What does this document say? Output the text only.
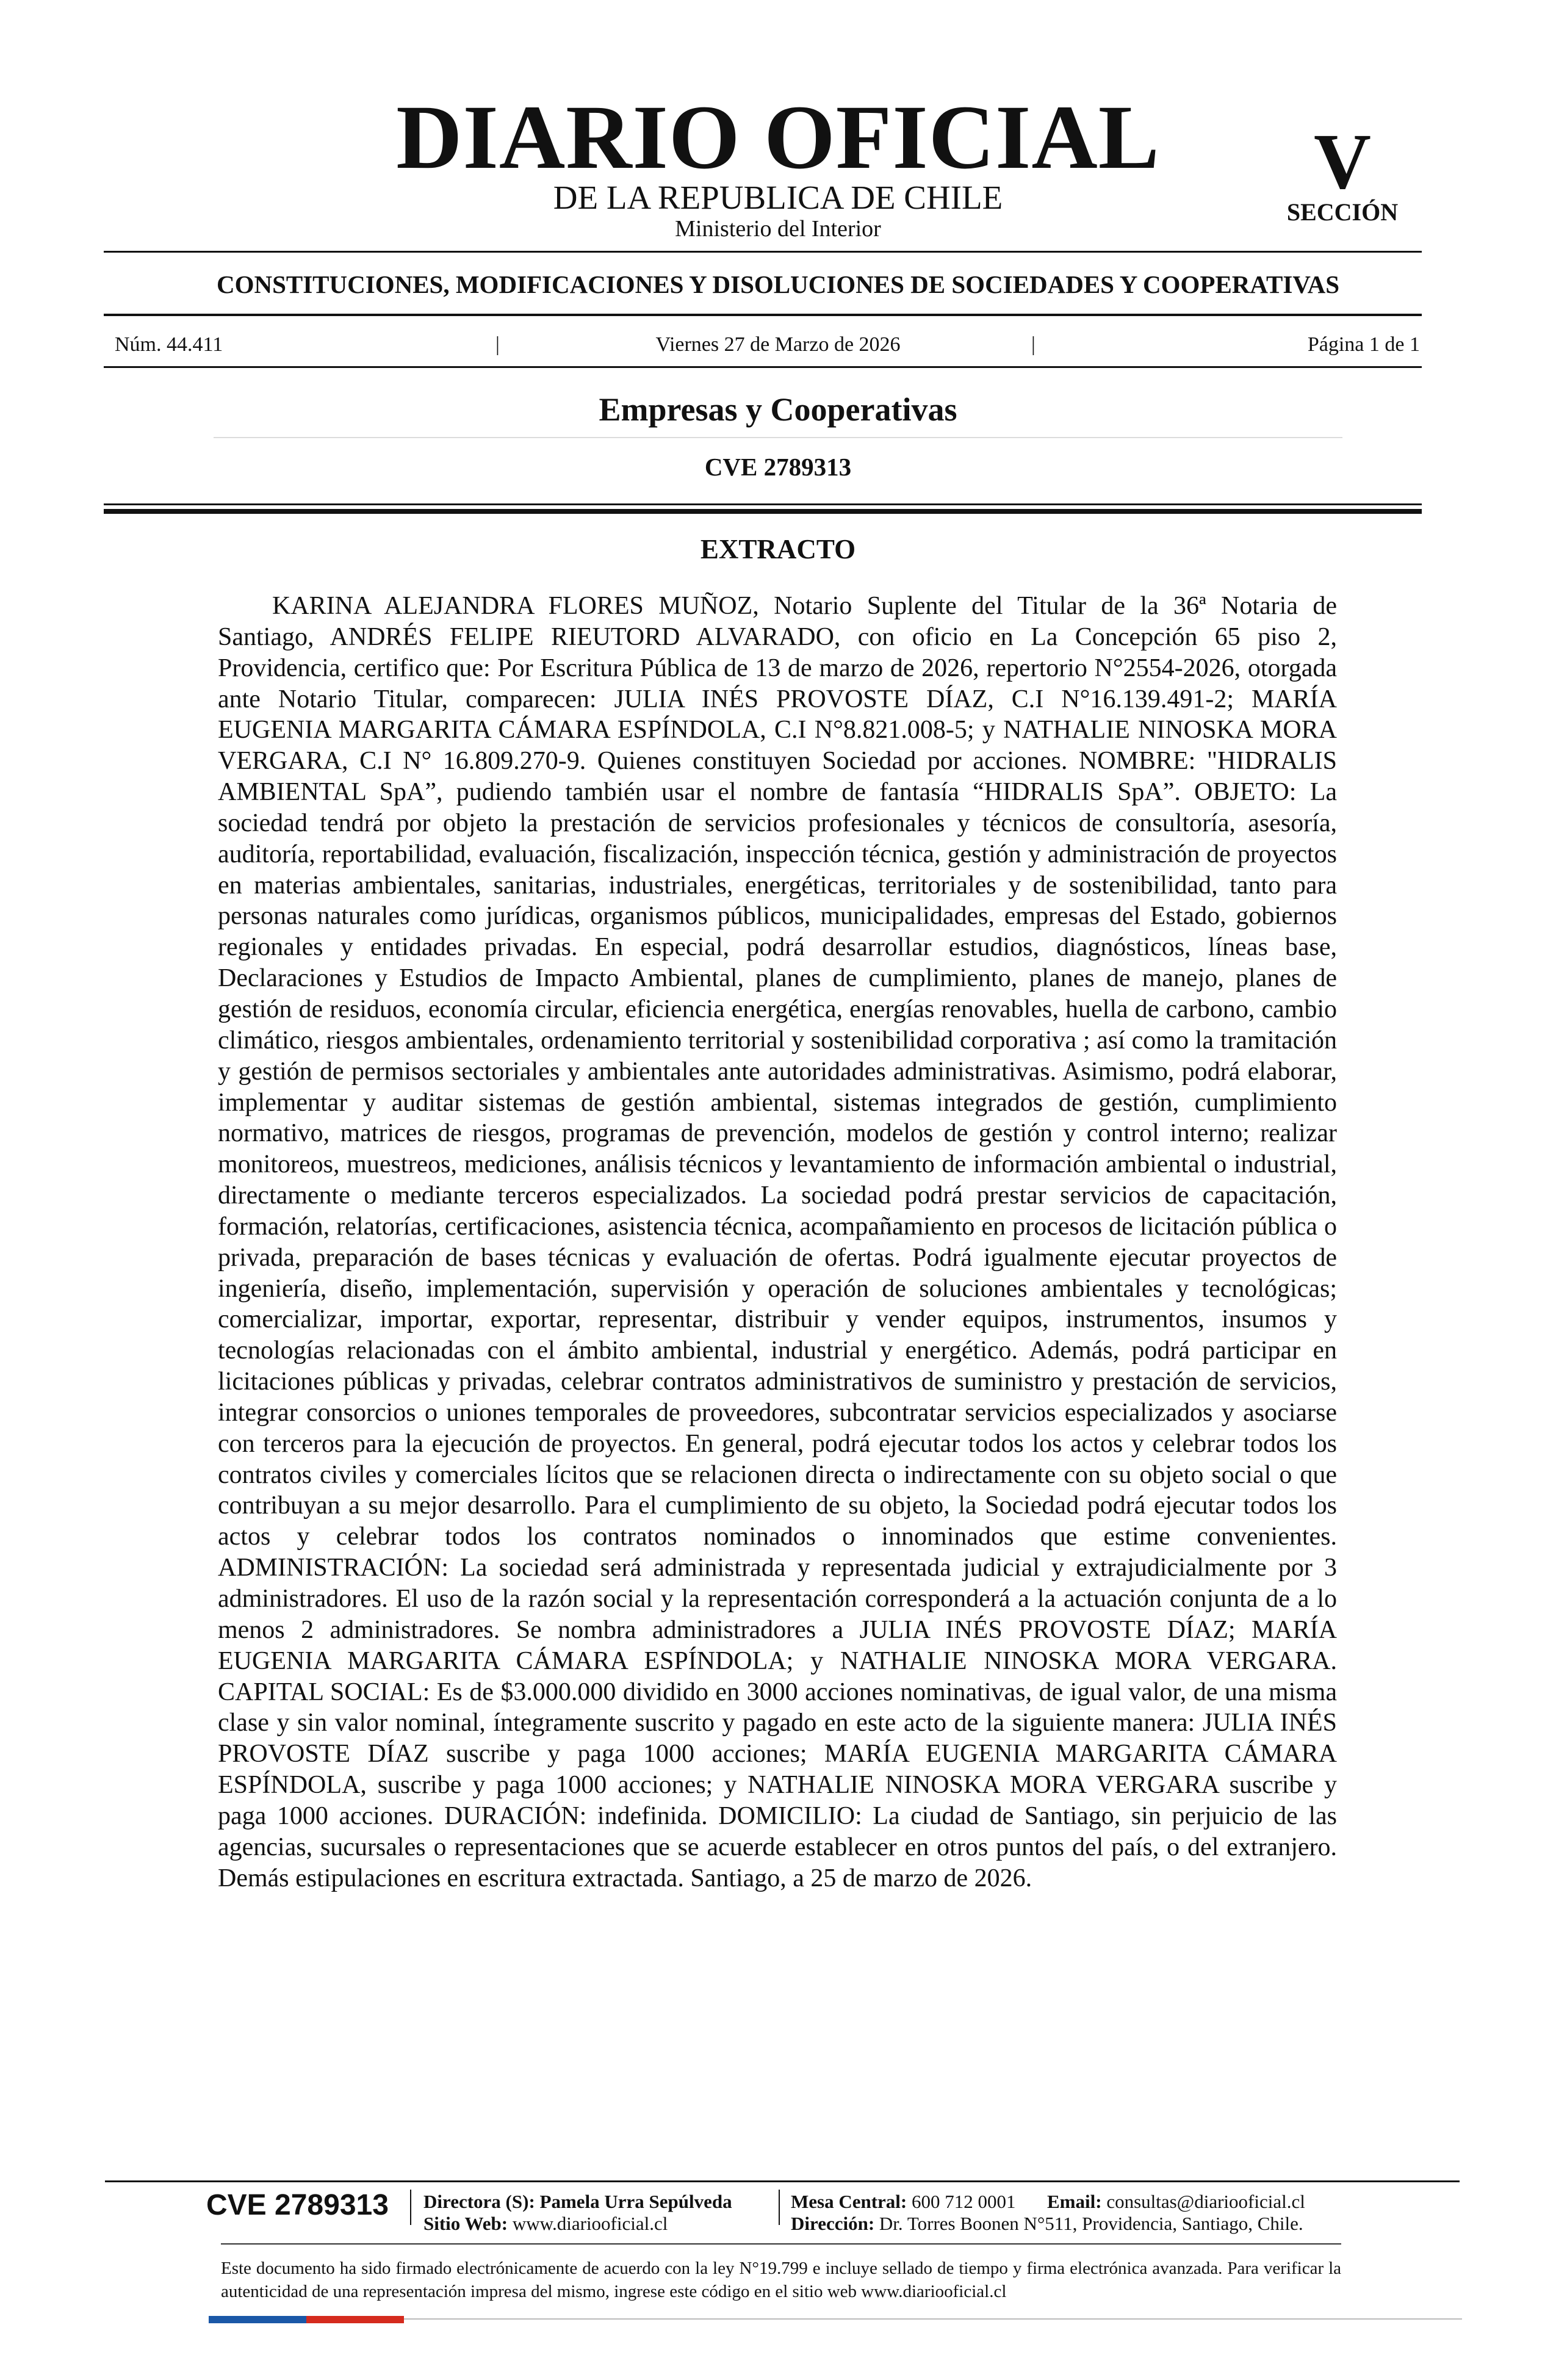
DIARIO OFICIAL
DE LA REPUBLICA DE CHILE
Ministerio del Interior
V
SECCIÓN
CONSTITUCIONES, MODIFICACIONES Y DISOLUCIONES DE SOCIEDADES Y COOPERATIVAS
Núm. 44.411	|	Viernes 27 de Marzo de 2026	|	Página 1 de 1
Empresas y Cooperativas
CVE 2789313
EXTRACTO

KARINA ALEJANDRA FLORES MUÑOZ, Notario Suplente del Titular de la 36ª Notaria de Santiago, ANDRÉS FELIPE RIEUTORD ALVARADO, con oficio en La Concepción 65 piso 2, Providencia, certifico que: Por Escritura Pública de 13 de marzo de 2026, repertorio N°2554-2026, otorgada ante Notario Titular, comparecen: JULIA INÉS PROVOSTE DÍAZ, C.I N°16.139.491-2; MARÍA EUGENIA MARGARITA CÁMARA ESPÍNDOLA, C.I N°8.821.008-5; y NATHALIE NINOSKA MORA VERGARA, C.I N° 16.809.270-9. Quienes constituyen Sociedad por acciones. NOMBRE: "HIDRALIS AMBIENTAL SpA”, pudiendo también usar el nombre de fantasía “HIDRALIS SpA”. OBJETO: La sociedad tendrá por objeto la prestación de servicios profesionales y técnicos de consultoría, asesoría, auditoría, reportabilidad, evaluación, fiscalización, inspección técnica, gestión y administración de proyectos en materias ambientales, sanitarias, industriales, energéticas, territoriales y de sostenibilidad, tanto para personas naturales como jurídicas, organismos públicos, municipalidades, empresas del Estado, gobiernos regionales y entidades privadas. En especial, podrá desarrollar estudios, diagnósticos, líneas base, Declaraciones y Estudios de Impacto Ambiental, planes de cumplimiento, planes de manejo, planes de gestión de residuos, economía circular, eficiencia energética, energías renovables, huella de carbono, cambio climático, riesgos ambientales, ordenamiento territorial y sostenibilidad corporativa ; así como la tramitación y gestión de permisos sectoriales y ambientales ante autoridades administrativas. Asimismo, podrá elaborar, implementar y auditar sistemas de gestión ambiental, sistemas integrados de gestión, cumplimiento normativo, matrices de riesgos, programas de prevención, modelos de gestión y control interno; realizar monitoreos, muestreos, mediciones, análisis técnicos y levantamiento de información ambiental o industrial, directamente o mediante terceros especializados. La sociedad podrá prestar servicios de capacitación, formación, relatorías, certificaciones, asistencia técnica, acompañamiento en procesos de licitación pública o privada, preparación de bases técnicas y evaluación de ofertas. Podrá igualmente ejecutar proyectos de ingeniería, diseño, implementación, supervisión y operación de soluciones ambientales y tecnológicas; comercializar, importar, exportar, representar, distribuir y vender equipos, instrumentos, insumos y tecnologías relacionadas con el ámbito ambiental, industrial y energético. Además, podrá participar en licitaciones públicas y privadas, celebrar contratos administrativos de suministro y prestación de servicios, integrar consorcios o uniones temporales de proveedores, subcontratar servicios especializados y asociarse con terceros para la ejecución de proyectos. En general, podrá ejecutar todos los actos y celebrar todos los contratos civiles y comerciales lícitos que se relacionen directa o indirectamente con su objeto social o que contribuyan a su mejor desarrollo. Para el cumplimiento de su objeto, la Sociedad podrá ejecutar todos los actos y celebrar todos los contratos nominados o innominados que estime convenientes. ADMINISTRACIÓN: La sociedad será administrada y representada judicial y extrajudicialmente por 3 administradores. El uso de la razón social y la representación corresponderá a la actuación conjunta de a lo menos 2 administradores. Se nombra administradores a JULIA INÉS PROVOSTE DÍAZ; MARÍA EUGENIA MARGARITA CÁMARA ESPÍNDOLA; y NATHALIE NINOSKA MORA VERGARA. CAPITAL SOCIAL: Es de $3.000.000 dividido en 3000 acciones nominativas, de igual valor, de una misma clase y sin valor nominal, íntegramente suscrito y pagado en este acto de la siguiente manera: JULIA INÉS PROVOSTE DÍAZ suscribe y paga 1000 acciones; MARÍA EUGENIA MARGARITA CÁMARA ESPÍNDOLA, suscribe y paga 1000 acciones; y NATHALIE NINOSKA MORA VERGARA suscribe y paga 1000 acciones. DURACIÓN: indefinida. DOMICILIO: La ciudad de Santiago, sin perjuicio de las agencias, sucursales o representaciones que se acuerde establecer en otros puntos del país, o del extranjero. Demás estipulaciones en escritura extractada. Santiago, a 25 de marzo de 2026.

CVE 2789313 Directora (S): Pamela Urra Sepúlveda
Sitio Web: www.diariooficial.cl
Mesa Central: 600 712 0001 Email: consultas@diariooficial.cl
Dirección: Dr. Torres Boonen N°511, Providencia, Santiago, Chile.

Este documento ha sido firmado electrónicamente de acuerdo con la ley N°19.799 e incluye sellado de tiempo y firma electrónica avanzada. Para verificar la autenticidad de una representación impresa del mismo, ingrese este código en el sitio web www.diariooficial.cl
